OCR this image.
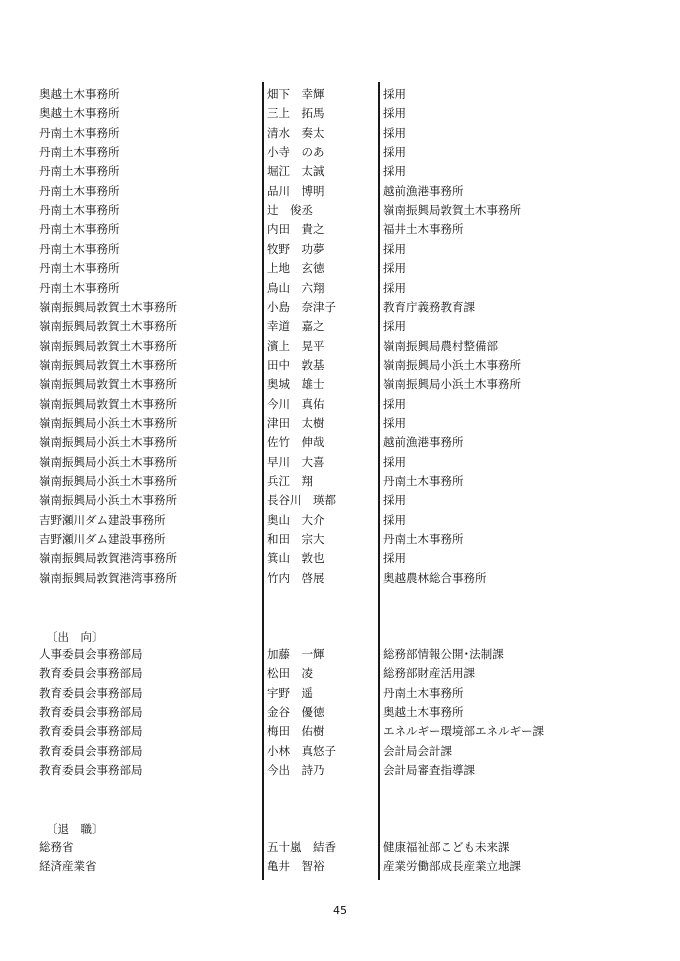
奥越土木事務所	畑下　幸輝	採用
奥越土木事務所	三上　拓馬	採用
丹南土木事務所	清水　奏太	採用
丹南土木事務所	小寺　のあ	採用
丹南土木事務所	堀江　太誠	採用
丹南土木事務所	品川　博明	越前漁港事務所
丹南土木事務所	辻　俊丞	嶺南振興局敦賀土木事務所
丹南土木事務所	内田　貴之	福井土木事務所
丹南土木事務所	牧野　功夢	採用
丹南土木事務所	上地　玄徳	採用
丹南土木事務所	鳥山　六翔	採用
嶺南振興局敦賀土木事務所	小島　奈津子	教育庁義務教育課
嶺南振興局敦賀土木事務所	幸道　嘉之	採用
嶺南振興局敦賀土木事務所	濱上　晃平	嶺南振興局農村整備部
嶺南振興局敦賀土木事務所	田中　敦基	嶺南振興局小浜土木事務所
嶺南振興局敦賀土木事務所	奥城　雄士	嶺南振興局小浜土木事務所
嶺南振興局敦賀土木事務所	今川　真佑	採用
嶺南振興局小浜土木事務所	津田　太樹	採用
嶺南振興局小浜土木事務所	佐竹　伸哉	越前漁港事務所
嶺南振興局小浜土木事務所	早川　大喜	採用
嶺南振興局小浜土木事務所	兵江　翔	丹南土木事務所
嶺南振興局小浜土木事務所	長谷川　瑛都	採用
吉野瀬川ダム建設事務所	奥山　大介	採用
吉野瀬川ダム建設事務所	和田　宗大	丹南土木事務所
嶺南振興局敦賀港湾事務所	箕山　敦也	採用
嶺南振興局敦賀港湾事務所	竹内　啓展	奥越農林総合事務所
〔出　向〕
人事委員会事務部局	加藤　一輝	総務部情報公開･法制課
教育委員会事務部局	松田　凌	総務部財産活用課
教育委員会事務部局	宇野　遥	丹南土木事務所
教育委員会事務部局	金谷　優徳	奥越土木事務所
教育委員会事務部局	梅田　佑樹	エネルギー環境部エネルギー課
教育委員会事務部局	小林　真悠子	会計局会計課
教育委員会事務部局	今出　詩乃	会計局審査指導課
〔退　職〕
総務省	五十嵐　結香	健康福祉部こども未来課
経済産業省	亀井　智裕	産業労働部成長産業立地課
45
